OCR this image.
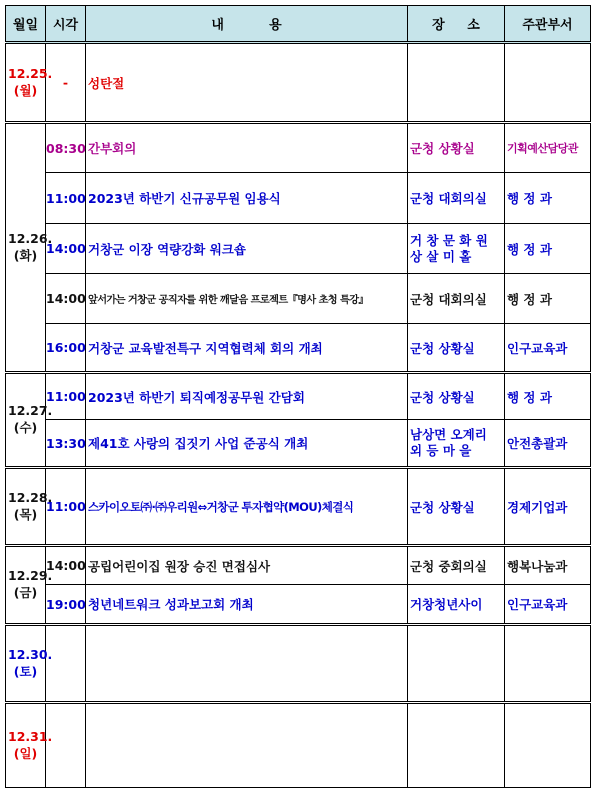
월일	시각	내          용	장     소	주관부서

12.25.
(월)	-	성탄절		

12.26.
(화)	08:30	간부회의	군청 상황실	기획예산담당관
	11:00	2023년 하반기 신규공무원 임용식	군청 대회의실	행 정 과
	14:00	거창군 이장 역량강화 워크숍	거 창 문 화 원
상 살 미 홀	행 정 과
	14:00	앞서가는 거창군 공직자를 위한 깨달음 프로젝트『명사 초청 특강』	군청 대회의실	행 정 과
	16:00	거창군 교육발전특구 지역협력체 회의 개최	군청 상황실	인구교육과

12.27.
(수)	11:00	2023년 하반기 퇴직예정공무원 간담회	군청 상황실	행 정 과
	13:30	제41호 사랑의 집짓기 사업 준공식 개최	남상면 오계리
외 등 마 을	안전총괄과

12.28.
(목)	11:00	스카이오토㈜·㈜우리원⇔거창군 투자협약(MOU)체결식	군청 상황실	경제기업과

12.29.
(금)	14:00	공립어린이집 원장 승진 면접심사	군청 중회의실	행복나눔과
	19:00	청년네트워크 성과보고회 개최	거창청년사이	인구교육과

12.30.
(토)				

12.31.
(일)				
